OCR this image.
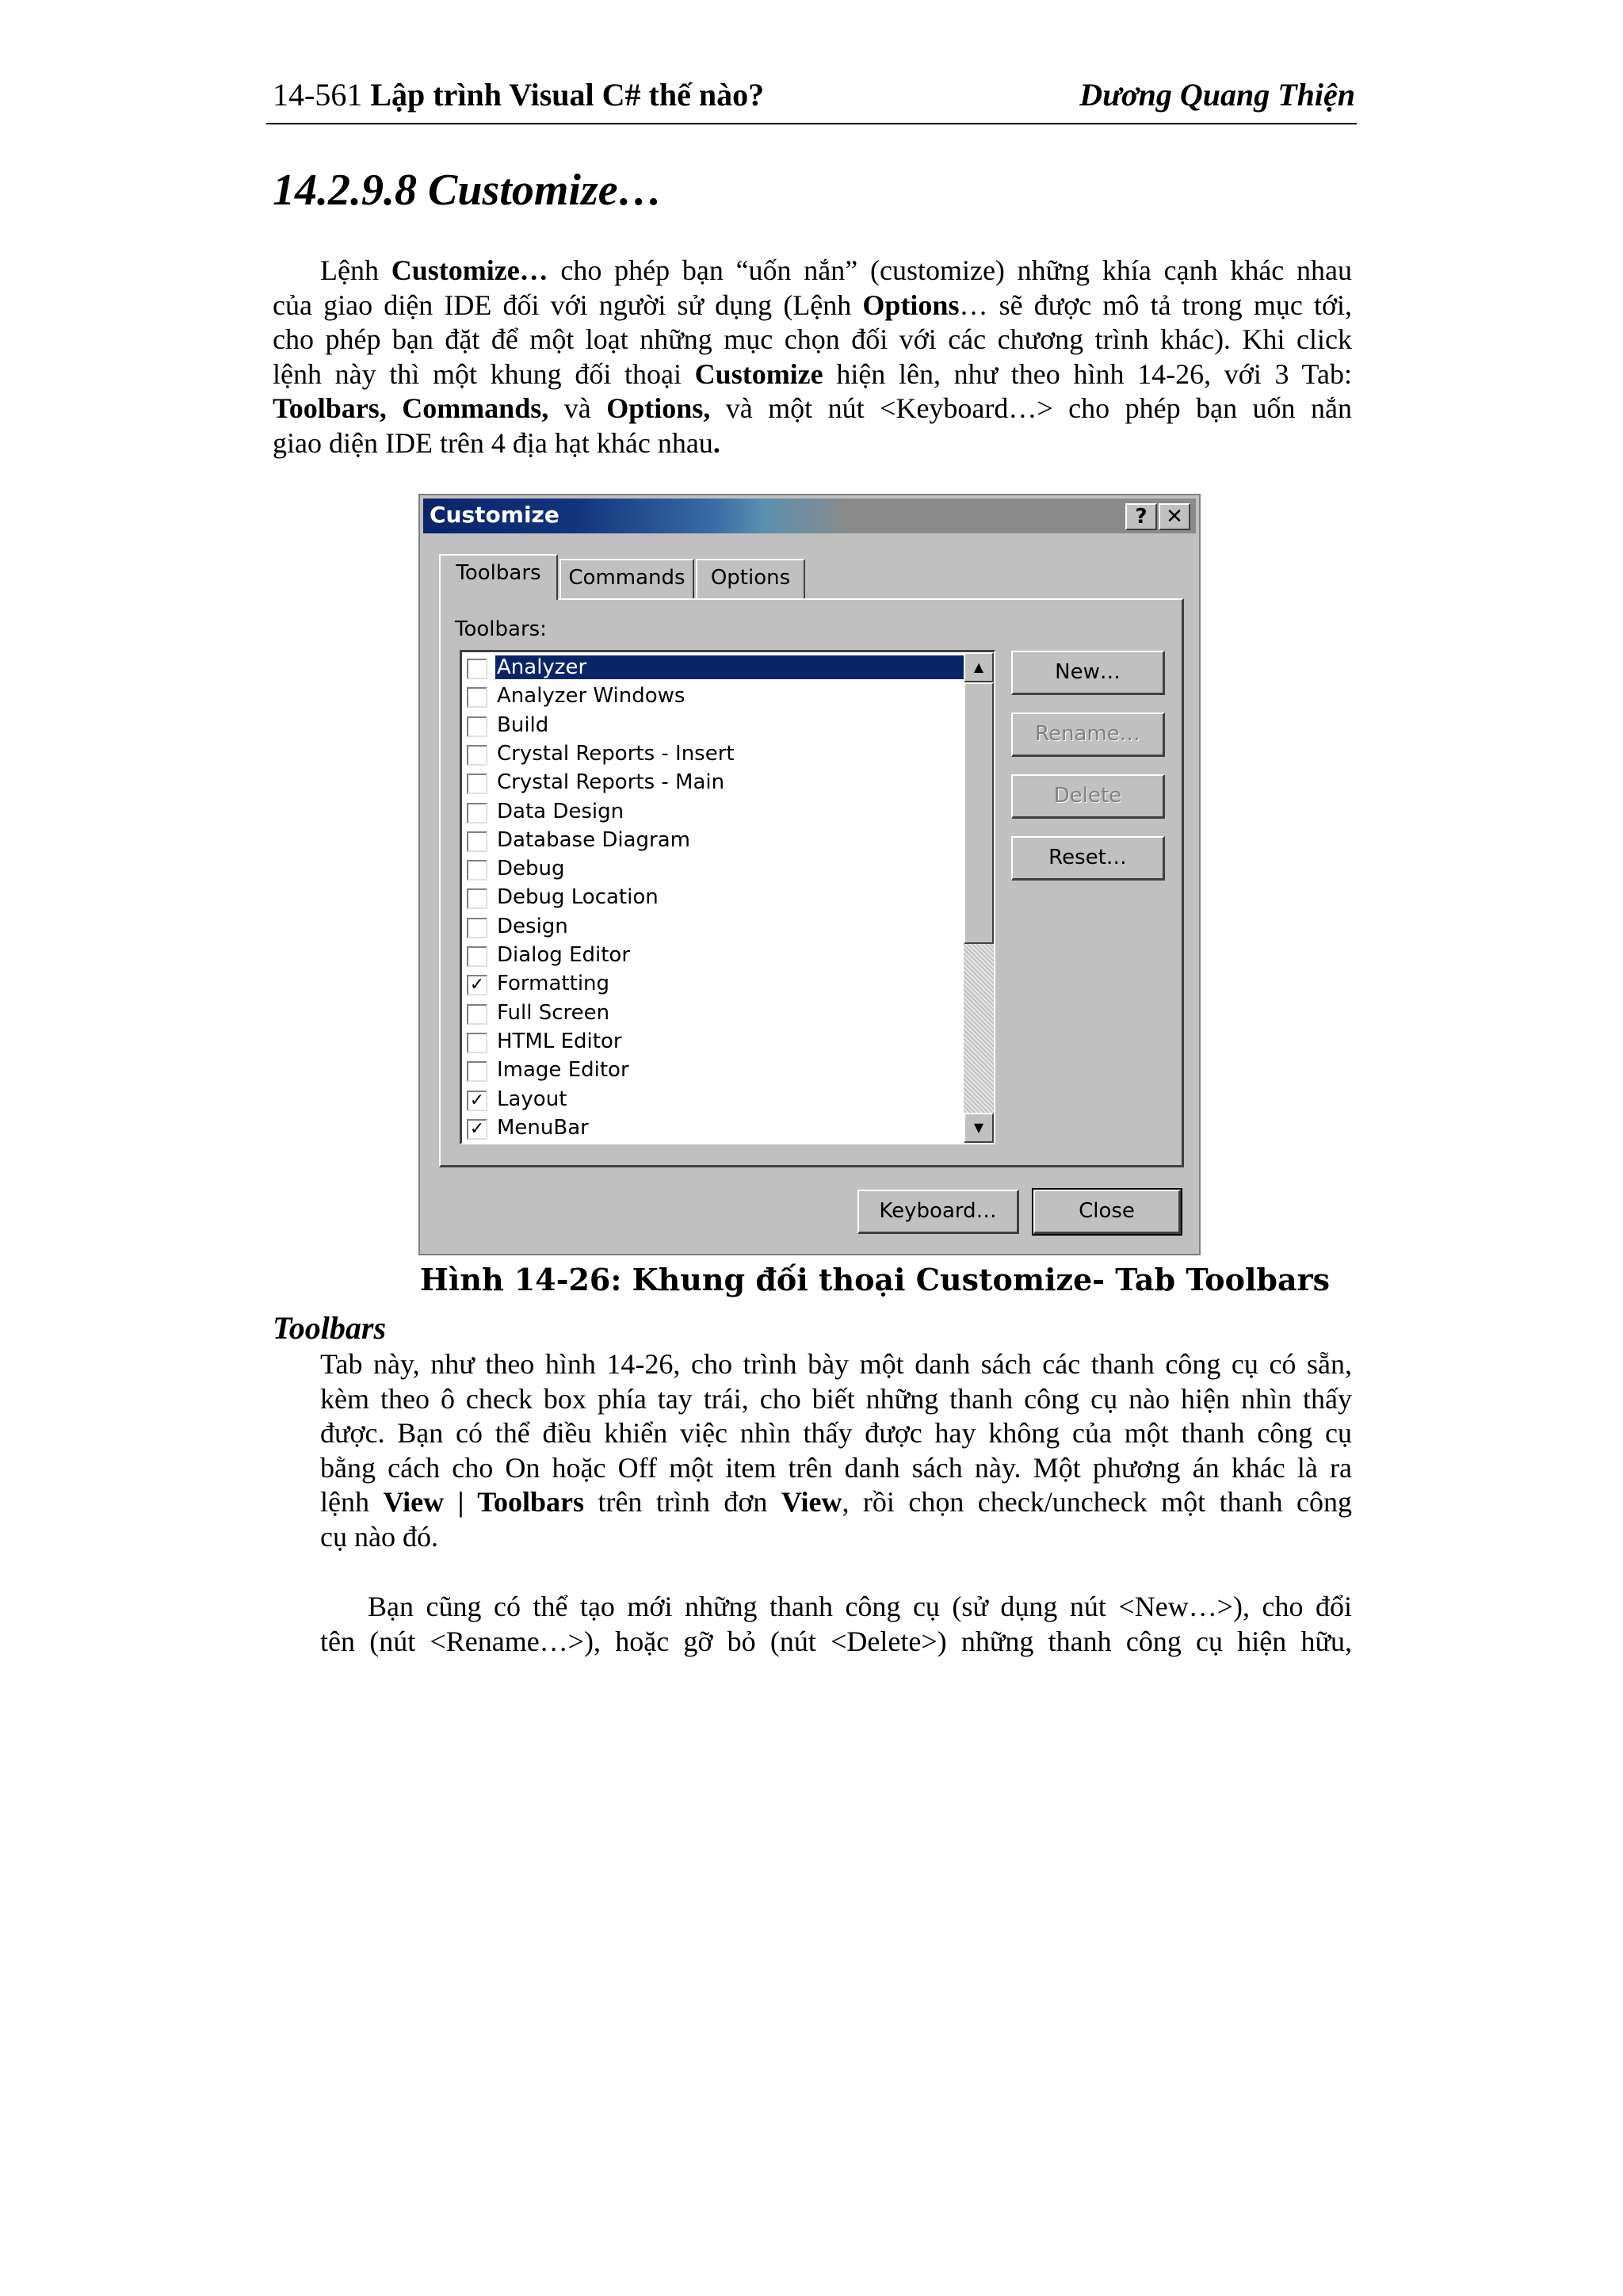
14-561 Lập trình Visual C# thế nào?	Dương Quang Thiện
14.2.9.8 Customize…
Lệnh Customize… cho phép bạn “uốn nắn” (customize) những khía cạnh khác nhau
của giao diện IDE đối với người sử dụng (Lệnh Options… sẽ được mô tả trong mục tới,
cho phép bạn đặt để một loạt những mục chọn đối với các chương trình khác). Khi click
lệnh này thì một khung đối thoại Customize hiện lên, như theo hình 14-26, với 3 Tab:
Toolbars, Commands, và Options, và một nút <Keyboard…> cho phép bạn uốn nắn
giao diện IDE trên 4 địa hạt khác nhau.
Customize	? ✕
Toolbars	Commands	Options
Toolbars:
Analyzer
Analyzer Windows
Build
Crystal Reports - Insert
Crystal Reports - Main
Data Design
Database Diagram
Debug
Debug Location
Design
Dialog Editor
✓ Formatting
Full Screen
HTML Editor
Image Editor
✓ Layout
✓ MenuBar
▲
▼
New…
Rename…
Delete
Reset…
Keyboard…	Close
Hình 14-26: Khung đối thoại Customize- Tab Toolbars
Toolbars
Tab này, như theo hình 14-26, cho trình bày một danh sách các thanh công cụ có sẵn,
kèm theo ô check box phía tay trái, cho biết những thanh công cụ nào hiện nhìn thấy
được. Bạn có thể điều khiển việc nhìn thấy được hay không của một thanh công cụ
bằng cách cho On hoặc Off một item trên danh sách này. Một phương án khác là ra
lệnh View | Toolbars trên trình đơn View, rồi chọn check/uncheck một thanh công
cụ nào đó.
Bạn cũng có thể tạo mới những thanh công cụ (sử dụng nút <New…>), cho đổi
tên (nút <Rename…>), hoặc gỡ bỏ (nút <Delete>) những thanh công cụ hiện hữu,
